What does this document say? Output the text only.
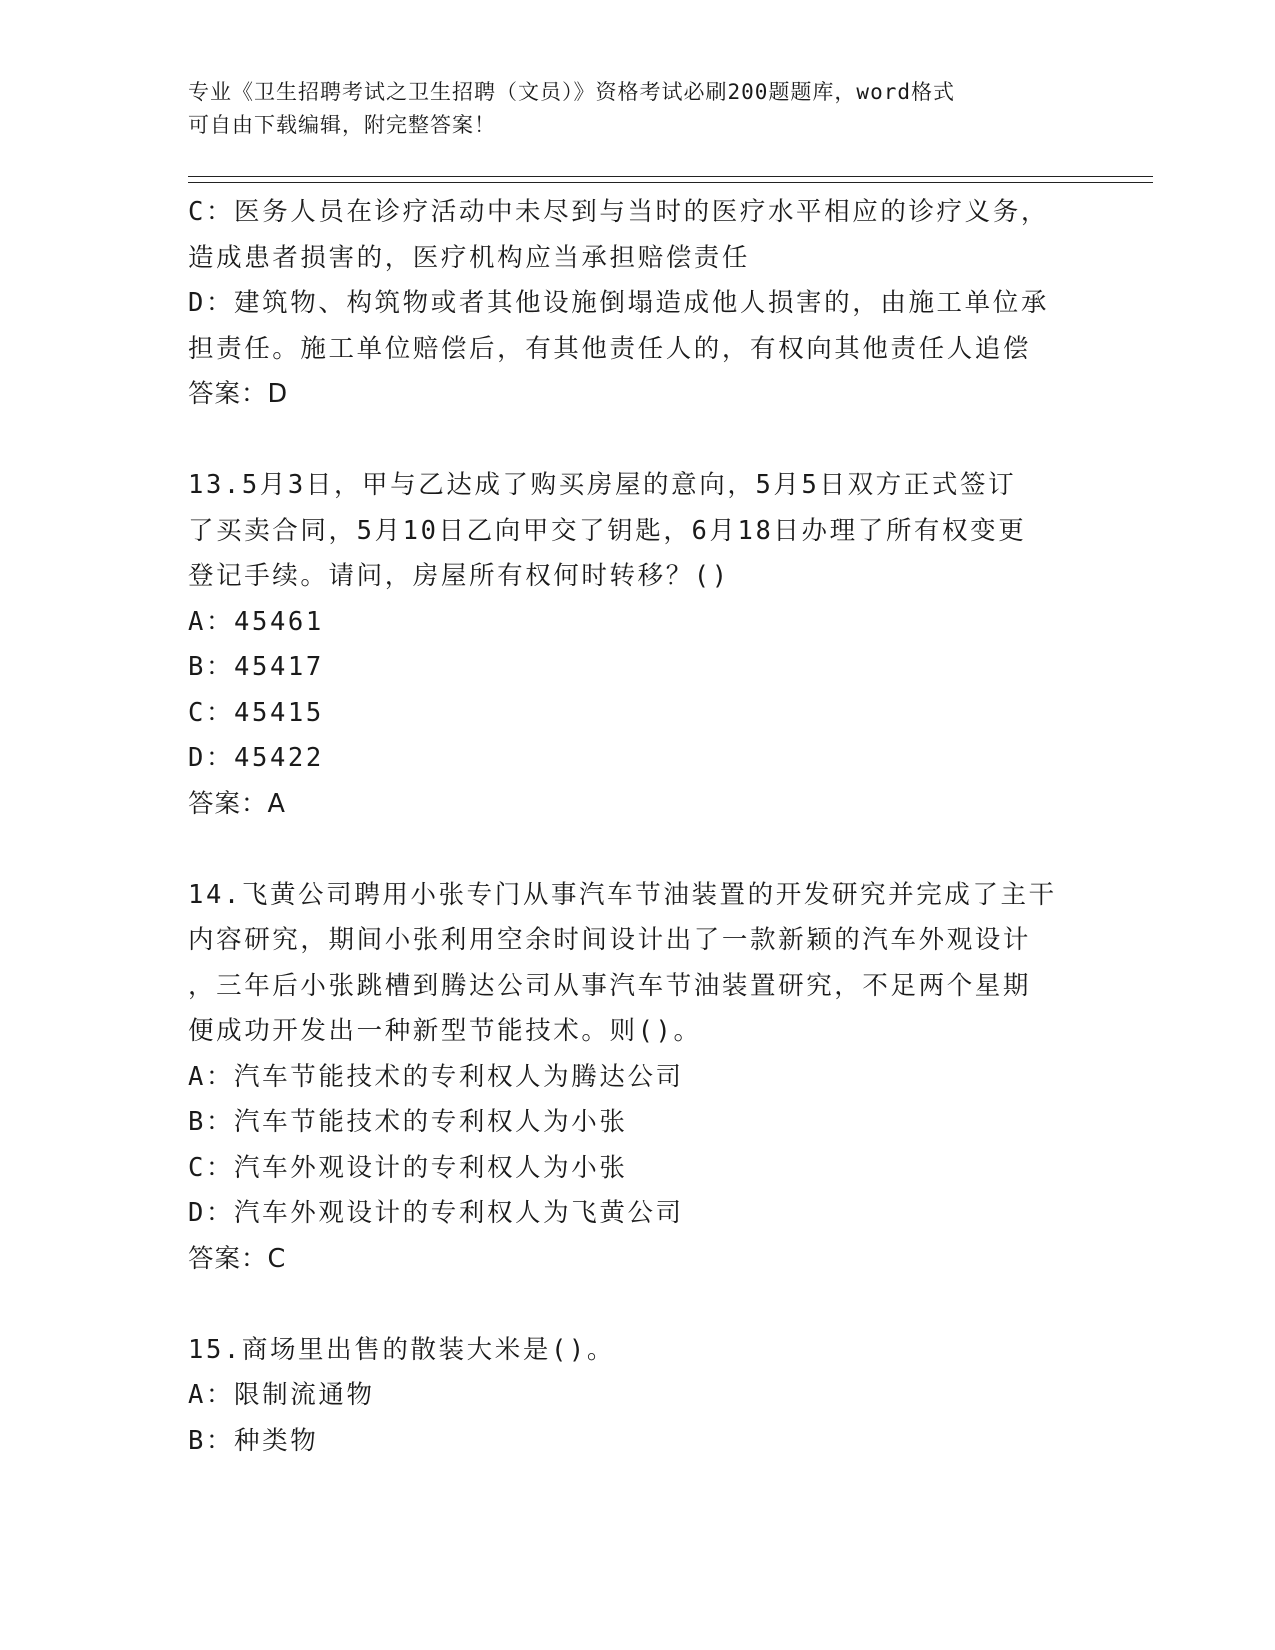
专业《卫生招聘考试之卫生招聘（文员）》资格考试必刷200题题库，word格式
可自由下载编辑，附完整答案！
C：医务人员在诊疗活动中未尽到与当时的医疗水平相应的诊疗义务，
造成患者损害的，医疗机构应当承担赔偿责任
D：建筑物、构筑物或者其他设施倒塌造成他人损害的，由施工单位承
担责任。施工单位赔偿后，有其他责任人的，有权向其他责任人追偿
答案：D
13.5月3日，甲与乙达成了购买房屋的意向，5月5日双方正式签订
了买卖合同，5月10日乙向甲交了钥匙，6月18日办理了所有权变更
登记手续。请问，房屋所有权何时转移？()
A：45461
B：45417
C：45415
D：45422
答案：A
14.飞黄公司聘用小张专门从事汽车节油装置的开发研究并完成了主干
内容研究，期间小张利用空余时间设计出了一款新颖的汽车外观设计
，三年后小张跳槽到腾达公司从事汽车节油装置研究，不足两个星期
便成功开发出一种新型节能技术。则()。
A：汽车节能技术的专利权人为腾达公司
B：汽车节能技术的专利权人为小张
C：汽车外观设计的专利权人为小张
D：汽车外观设计的专利权人为飞黄公司
答案：C
15.商场里出售的散装大米是()。
A：限制流通物
B：种类物
